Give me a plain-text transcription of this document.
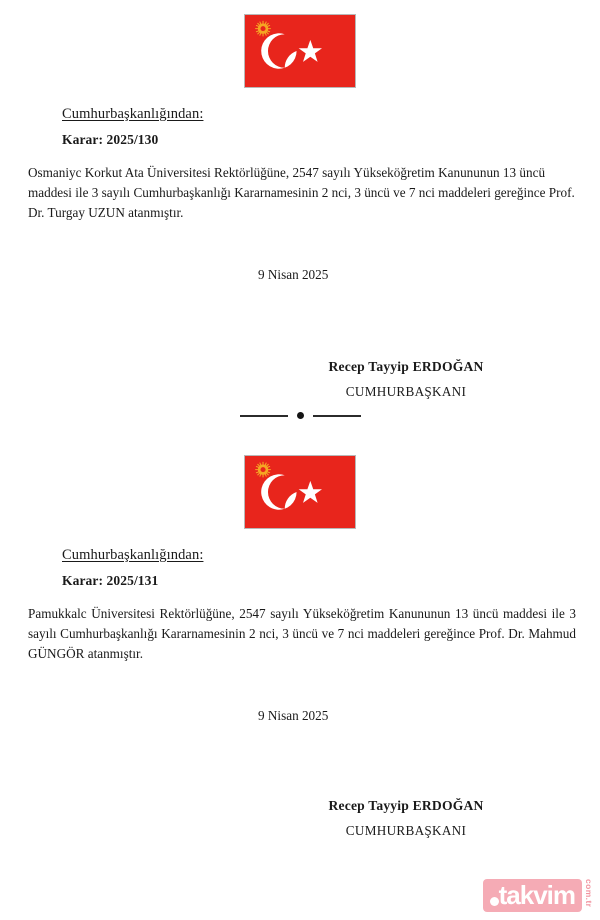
Cumhurbaşkanlığından:

Karar: 2025/130

Osmaniyc Korkut Ata Üniversitesi Rektörlüğüne, 2547 sayılı Yükseköğretim Kanununun 13 üncü maddesi ile 3 sayılı Cumhurbaşkanlığı Kararnamesinin 2 nci, 3 üncü ve 7 nci maddeleri gereğince Prof. Dr. Turgay UZUN atanmıştır.

9 Nisan 2025

Recep Tayyip ERDOĞAN

CUMHURBAŞKANI

Cumhurbaşkanlığından:

Karar: 2025/131

Pamukkalc Üniversitesi Rektörlüğüne, 2547 sayılı Yükseköğretim Kanununun 13 üncü maddesi ile 3 sayılı Cumhurbaşkanlığı Kararnamesinin 2 nci, 3 üncü ve 7 nci maddeleri gereğince Prof. Dr. Mahmud GÜNGÖR atanmıştır.

9 Nisan 2025

Recep Tayyip ERDOĞAN

CUMHURBAŞKANI

takvim com.tr
